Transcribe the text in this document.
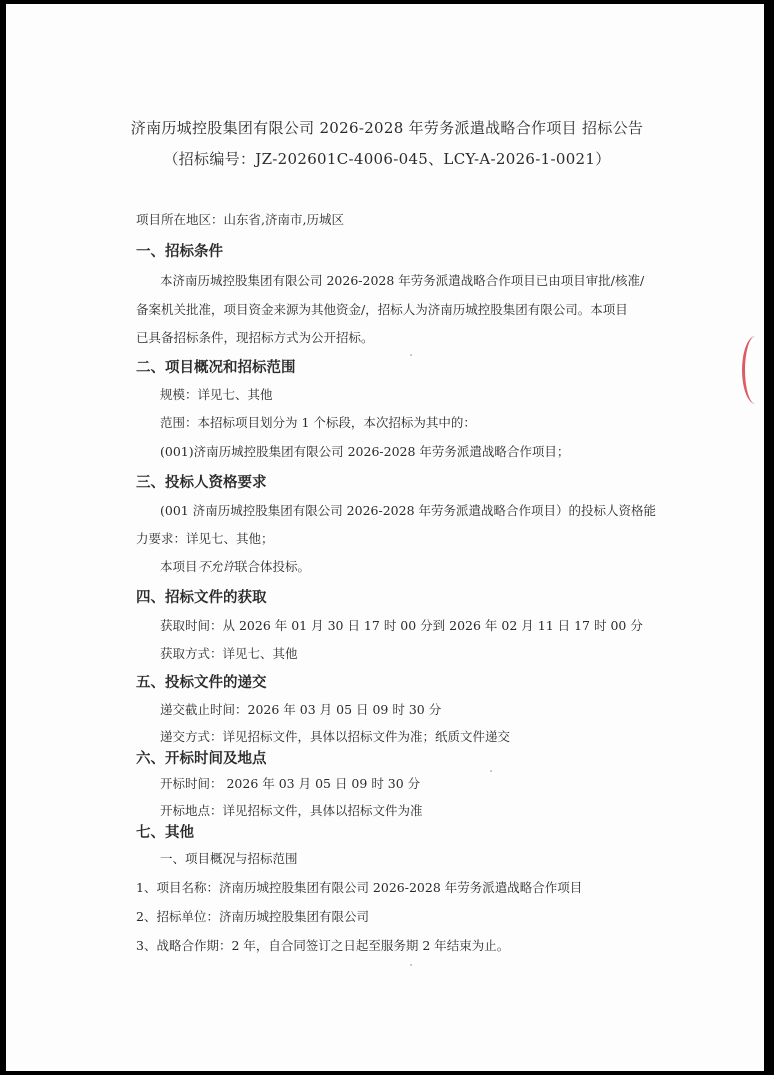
济南历城控股集团有限公司 2026-2028 年劳务派遣战略合作项目 招标公告
（招标编号：JZ-202601C-4006-045、LCY-A-2026-1-0021）
项目所在地区：山东省,济南市,历城区
一、招标条件
本济南历城控股集团有限公司 2026-2028 年劳务派遣战略合作项目已由项目审批/核准/
备案机关批准，项目资金来源为其他资金/，招标人为济南历城控股集团有限公司。本项目
已具备招标条件，现招标方式为公开招标。
二、项目概况和招标范围
规模：详见七、其他
范围：本招标项目划分为 1 个标段，本次招标为其中的：
(001)济南历城控股集团有限公司 2026-2028 年劳务派遣战略合作项目；
三、投标人资格要求
(001 济南历城控股集团有限公司 2026-2028 年劳务派遣战略合作项目）的投标人资格能
力要求：详见七、其他；
本项目不允许联合体投标。
四、招标文件的获取
获取时间：从 2026 年 01 月 30 日 17 时 00 分到 2026 年 02 月 11 日 17 时 00 分
获取方式：详见七、其他
五、投标文件的递交
递交截止时间：2026 年 03 月 05 日 09 时 30 分
递交方式：详见招标文件，具体以招标文件为准；纸质文件递交
六、开标时间及地点
开标时间： 2026 年 03 月 05 日 09 时 30 分
开标地点：详见招标文件，具体以招标文件为准
七、其他
一、项目概况与招标范围
1、项目名称：济南历城控股集团有限公司 2026-2028 年劳务派遣战略合作项目
2、招标单位：济南历城控股集团有限公司
3、战略合作期：2 年，自合同签订之日起至服务期 2 年结束为止。
